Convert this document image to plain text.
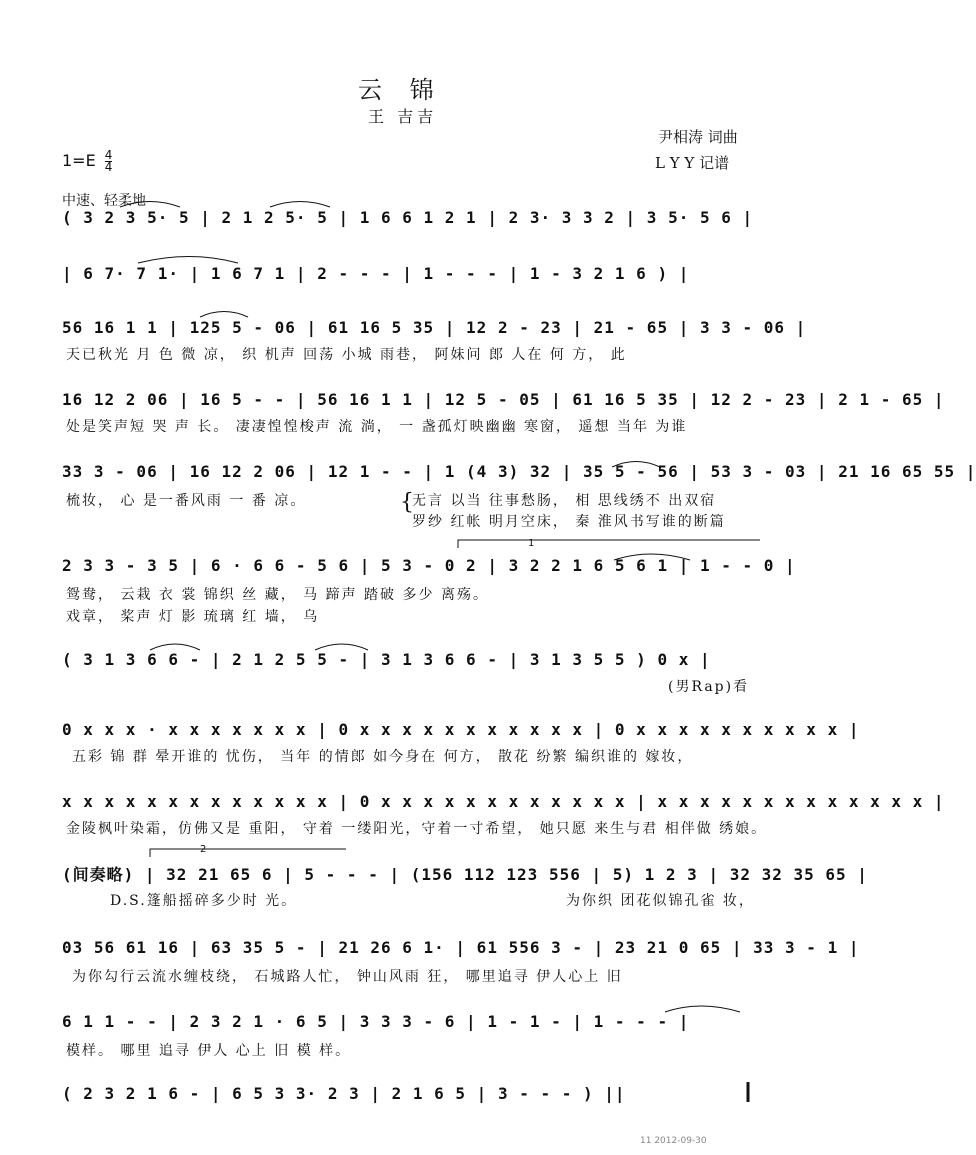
云 锦
王 吉吉
尹相涛 词曲
L Y Y 记谱
$1=E \frac{4}{4}$
中速、轻柔地
( 3 2 3 5· 5 | 2 1 2 5· 5 | 1 6 6 1 2 1 | 2 3· 3 3 2 | 3 5· 5 6 |
| 6 7· 7 1· | 1 6 7 1 | 2 - - - | 1 - - - | 1 - 3 2 1 6 ) |
56 16 1 1 | 125 5 - 06 | 61 16 5 35 | 12 2 - 23 | 21 - 65 | 3 3 - 06 |
天已秋光 月 色 微 凉， 织 机声 回荡 小城 雨巷， 阿妹问 郎 人在 何 方， 此
16 12 2 06 | 16 5 - - | 56 16 1 1 | 12 5 - 05 | 61 16 5 35 | 12 2 - 23 | 2 1 - 65 |
处是笑声短 哭 声 长。 凄凄惶惶梭声 流 淌， 一 盏孤灯映幽幽 寒窗， 遥想 当年 为谁
33 3 - 06 | 16 12 2 06 | 12 1 - - | 1 (4 3) 32 | 35 5 - 56 | 53 3 - 03 | 21 16 65 55 |
梳妆， 心 是一番风雨 一 番 凉。	{
无言 以当 往事愁肠， 相 思线绣不 出双宿
罗纱 红帐 明月空床， 秦 淮风书写谁的断篇
2 3 3 - 3 5 | 6 · 6 6 - 5 6 | 5 3 - 0 2 | 3 2 2 1 6 5 6 1 | 1 - - 0 |
鸳鸯， 云栽 衣 裳 锦织 丝 藏， 马 蹄声 踏破 多少 离殇。
戏章， 桨声 灯 影 琉璃 红 墙， 乌
1
( 3 1 3 6 6 - | 2 1 2 5 5 - | 3 1 3 6 6 - | 3 1 3 5 5 ) 0 x |
(男Rap)看
0 x x x · x x x x x x x | 0 x x x x x x x x x x x | 0 x x x x x x x x x x |
五彩 锦 群 晕开谁的 忧伤， 当年 的情郎 如今身在 何方， 散花 纷繁 编织谁的 嫁妆，
x x x x x x x x x x x x x | 0 x x x x x x x x x x x x | x x x x x x x x x x x x x |
金陵枫叶染霜，仿佛又是 重阳， 守着 一缕阳光，守着一寸希望， 她只愿 来生与君 相伴做 绣娘。
(间奏略) | 32 21 65 6 | 5 - - - | (156 112 123 556 | 5) 1 2 3 | 32 32 35 65 |
D.S.篷船摇碎多少时 光。	为你织 团花似锦孔雀 妆，
2
03 56 61 16 | 63 35 5 - | 21 26 6 1· | 61 556 3 - | 23 21 0 65 | 33 3 - 1 |
为你勾行云流水缠枝绕， 石城路人忙， 钟山风雨 狂， 哪里追寻 伊人心上 旧
6 1 1 - - | 2 3 2 1 · 6 5 | 3 3 3 - 6 | 1 - 1 - | 1 - - - |
模样。 哪里 追寻 伊人 心上 旧 模 样。
( 2 3 2 1 6 - | 6 5 3 3· 2 3 | 2 1 6 5 | 3 - - - ) ||
11 2012-09-30
